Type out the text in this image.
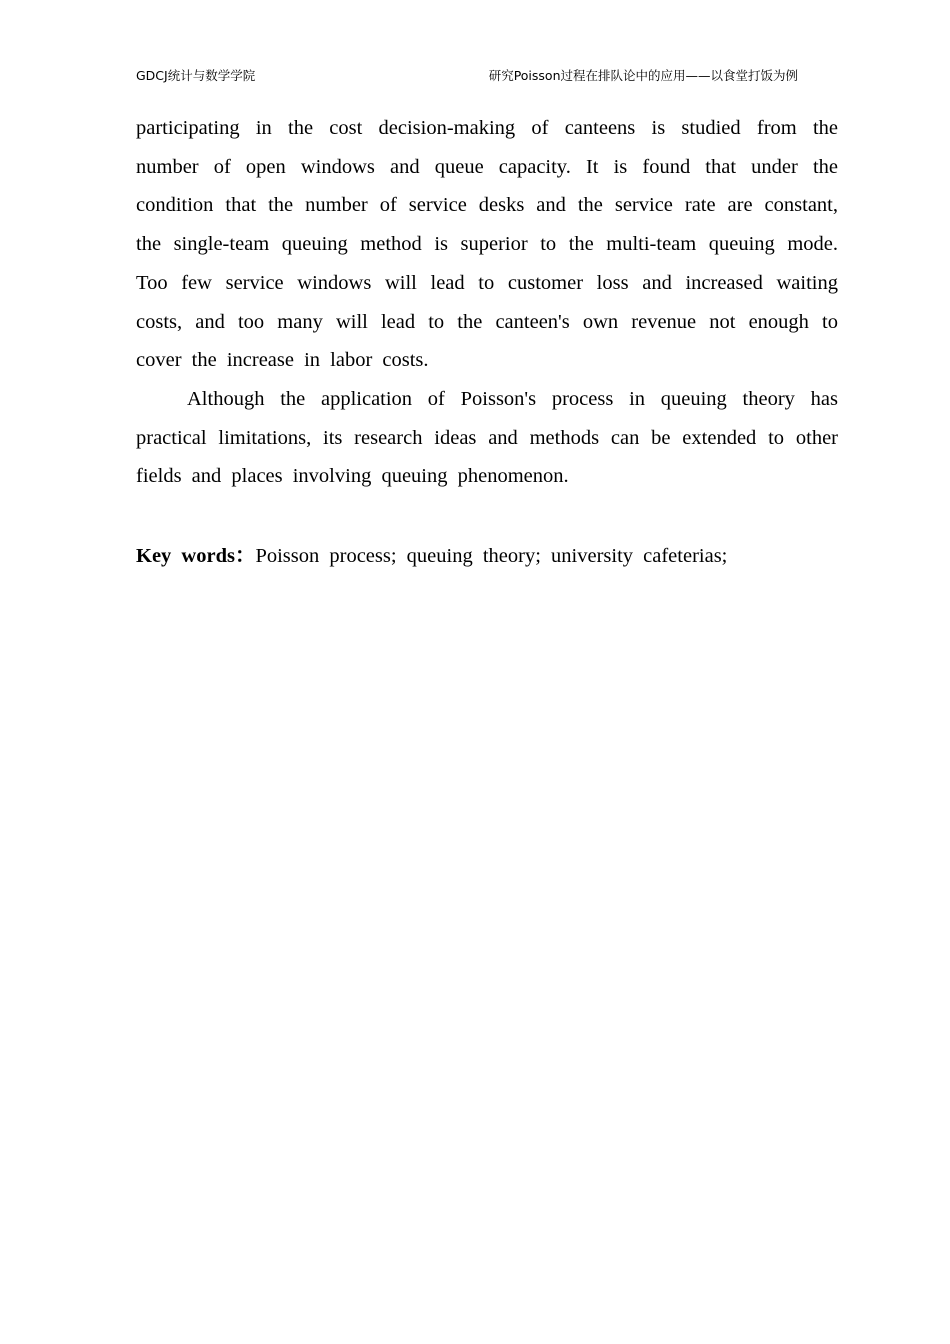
GDCJ统计与数学学院	研究Poisson过程在排队论中的应用——以食堂打饭为例

participating in the cost decision-making of canteens is studied from the number of open windows and queue capacity. It is found that under the condition that the number of service desks and the service rate are constant, the single-team queuing method is superior to the multi-team queuing mode. Too few service windows will lead to customer loss and increased waiting costs, and too many will lead to the canteen's own revenue not enough to cover the increase in labor costs.

Although the application of Poisson's process in queuing theory has practical limitations, its research ideas and methods can be extended to other fields and places involving queuing phenomenon.

Key words：Poisson process; queuing theory; university cafeterias;
